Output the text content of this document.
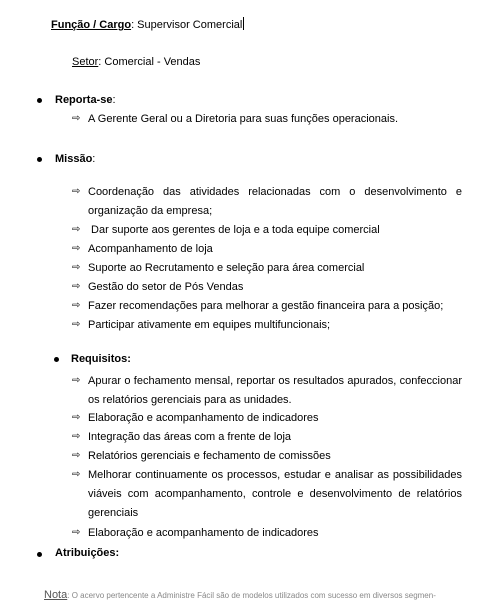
Função / Cargo: Supervisor Comercial
Setor: Comercial - Vendas
Reporta-se:
⇨ A Gerente Geral ou a Diretoria para suas funções operacionais.
Missão:
⇨ Coordenação das atividades relacionadas com o desenvolvimento e organização da empresa;
⇨ Dar suporte aos gerentes de loja e a toda equipe comercial
⇨ Acompanhamento de loja
⇨ Suporte ao Recrutamento e seleção para área comercial
⇨ Gestão do setor de Pós Vendas
⇨ Fazer recomendações para melhorar a gestão financeira para a posição;
⇨ Participar ativamente em equipes multifuncionais;
Requisitos:
⇨ Apurar o fechamento mensal, reportar os resultados apurados, confeccionar os relatórios gerenciais para as unidades.
⇨ Elaboração e acompanhamento de indicadores
⇨ Integração das áreas com a frente de loja
⇨ Relatórios gerenciais e fechamento de comissões
⇨ Melhorar continuamente os processos, estudar e analisar as possibilidades viáveis com acompanhamento, controle e desenvolvimento de relatórios gerenciais
⇨ Elaboração e acompanhamento de indicadores
Atribuições:
Nota: O acervo pertencente a Administre Fácil são de modelos utilizados com sucesso em diversos segmen-
